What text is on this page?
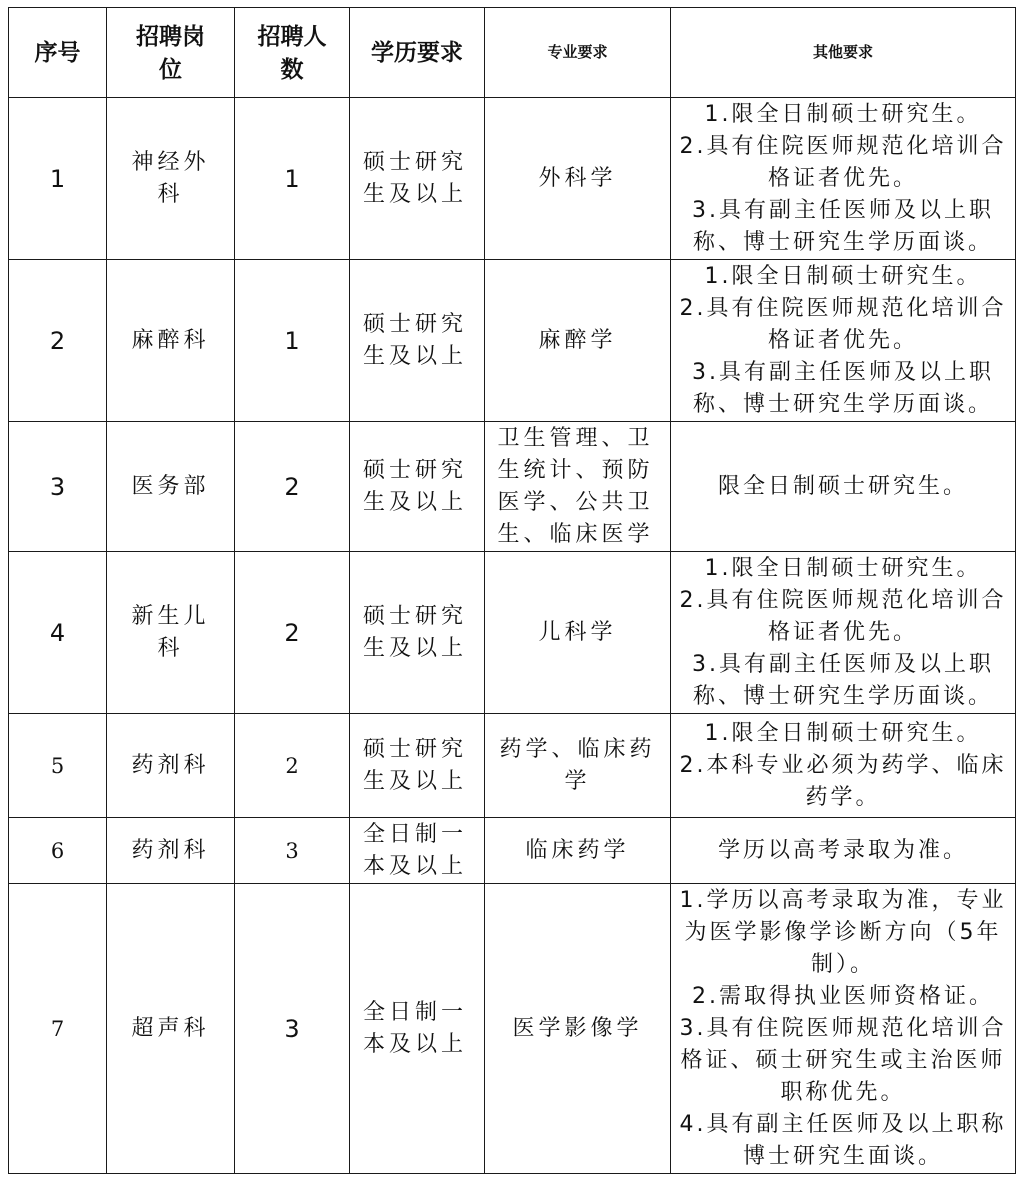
序号	招聘岗位	招聘人数	学历要求	专业要求	其他要求
1	神经外科	1	硕士研究生及以上	外科学	1.限全日制硕士研究生。
2.具有住院医师规范化培训合格证者优先。
3.具有副主任医师及以上职称、博士研究生学历面谈。

2	麻醉科	1	硕士研究生及以上	麻醉学	1.限全日制硕士研究生。
2.具有住院医师规范化培训合格证者优先。
3.具有副主任医师及以上职称、博士研究生学历面谈。

3	医务部	2	硕士研究生及以上	卫生管理、卫生统计、预防医学、公共卫生、临床医学	限全日制硕士研究生。

4	新生儿科	2	硕士研究生及以上	儿科学	1.限全日制硕士研究生。
2.具有住院医师规范化培训合格证者优先。
3.具有副主任医师及以上职称、博士研究生学历面谈。

5	药剂科	2	硕士研究生及以上	药学、临床药学	1.限全日制硕士研究生。
2.本科专业必须为药学、临床药学。

6	药剂科	3	全日制一本及以上	临床药学	学历以高考录取为准。

7	超声科	3	全日制一本及以上	医学影像学	1.学历以高考录取为准，专业为医学影像学诊断方向（5年制）。
2.需取得执业医师资格证。
3.具有住院医师规范化培训合格证、硕士研究生或主治医师职称优先。
4.具有副主任医师及以上职称博士研究生面谈。
